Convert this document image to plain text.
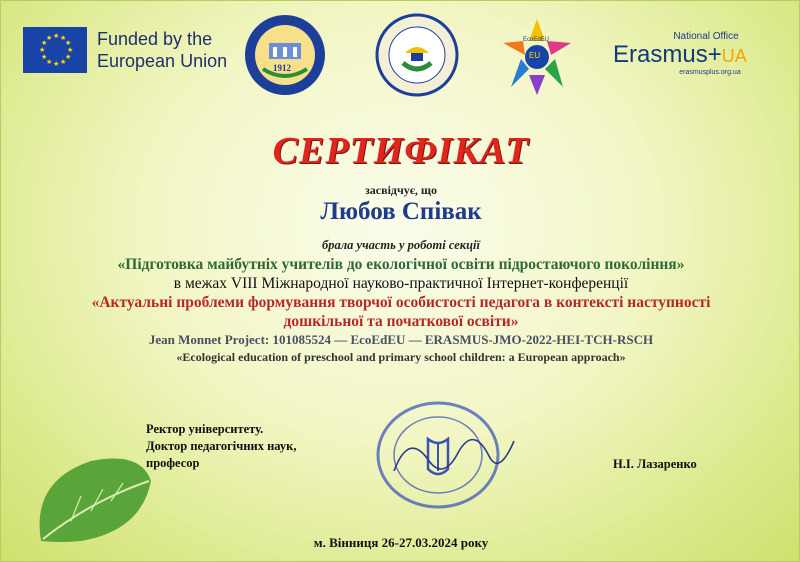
★ ★
★
★
★
★
★
★
★
★
★
★ Funded by the
European Union	1912
EU
EcoEdEU	National Office
Erasmus+UA
erasmusplus.org.ua
СЕРТИФІКАТ
засвідчує, що
Любов Співак
брала участь у роботі секції
«Підготовка майбутніх учителів до екологічної освіти підростаючого покоління»
в межах VIII Міжнародної науково-практичної Інтернет-конференції
«Актуальні проблеми формування творчої особистості педагога в контексті наступності
дошкільної та початкової освіти»
Jean Monnet Project: 101085524 — EcoEdEU — ERASMUS-JMO-2022-HEI-TCH-RSCH
«Ecological education of preschool and primary school children: a European approach»
Ректор університету.
Доктор педагогічних наук,
професор	Н.І. Лазаренко
м. Вінниця 26-27.03.2024 року
